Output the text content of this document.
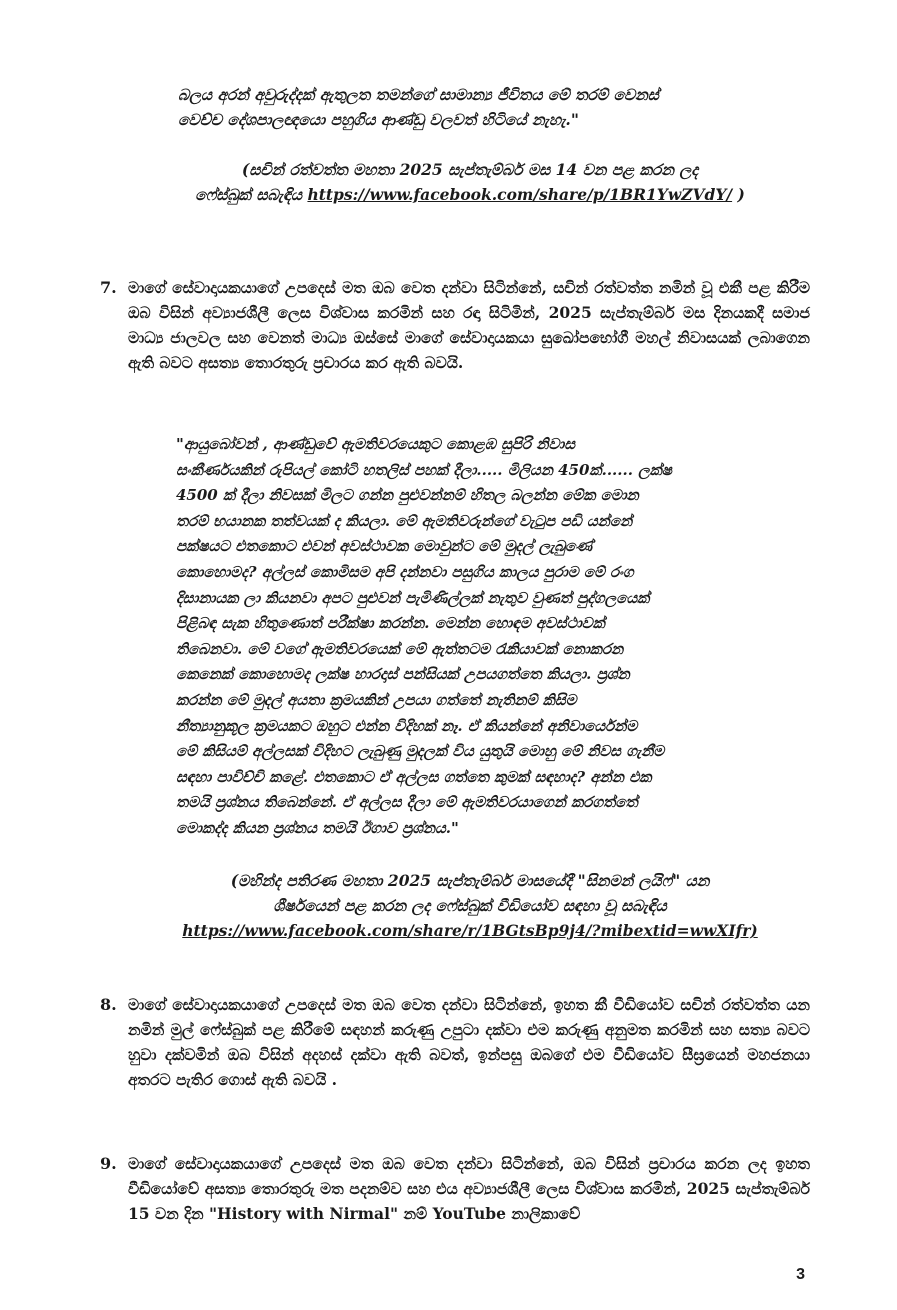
බලය අරන් අවුරුද්දක් ඇතුලත තමන්ගේ සාමාන්‍ය ජීවිතය මේ තරම් වෙනස්
වෙච්ච දේශපාලඥයො පහුගිය ආණ්ඩු වලවත් හිටියේ නැහැ."
(සචින් රත්වත්ත මහතා 2025 සැප්තැම්බර් මස 14 වන පළ කරන ලද
ෆේස්බුක් සබැඳිය https://www.facebook.com/share/p/1BR1YwZVdY/ )
7. මාගේ සේවාදායකයාගේ උපදෙස් මත ඔබ වෙත දන්වා සිටින්නේ, සචින් රත්වත්ත නමින් වූ එකී පළ කිරීම ඔබ විසින් අව්‍යාජශීලී ලෙස විශ්වාස කරමින් සහ රඳා සිටිමින්, 2025 සැප්තැම්බර් මස දිනයකදී සමාජ මාධ්‍ය ජාලවල සහ වෙනත් මාධ්‍ය ඔස්සේ මාගේ සේවාදායකයා සුඛෝපභෝගී මහල් නිවාසයක් ලබාගෙන ඇති බවට අසත්‍ය තොරතුරු ප්‍රචාරය කර ඇති බවයි.
"ආයුබෝවන් , ආණ්ඩුවේ ඇමතිවරයෙකුට කොළඹ සුපිරි නිවාස
සංකීර්ණයකින් රුපියල් කෝටි හතලිස් පහක් දීලා..... මිලියන 450ක්...... ලක්ෂ
4500 ක් දීලා නිවසක් මිලට ගන්න පුළුවන්නම් හිතල බලන්න මේක මොන
තරම් භයානක තත්වයක් ද කියලා. මේ ඇමතිවරුන්ගේ වැටුප පඩි යන්නේ
පක්ෂයට එතකොට එවන් අවස්ථාවක මොවුන්ට මේ මුදල් ලැබුණේ
කොහොමද? අල්ලස් කොමිසම අපි දන්නවා පසුගිය කාලය පුරාම මේ රංග
දිසානායක ලා කියනවා අපට පුළුවන් පැමිණිල්ලක් නැතුව වුණත් පුද්ගලයෙක්
පිළිබඳ සැක හිතුණොත් පරීක්ෂා කරන්න. මෙන්න හොඳම අවස්ථාවක්
තිබෙනවා. මේ වගේ ඇමතිවරයෙක් මේ ඇත්තටම රැකියාවක් නොකරන
කෙනෙක් කොහොමද ලක්ෂ හාරදාස් පන්සියක් උපයගත්තෙ කියලා. ප්‍රශ්න
කරන්න මේ මුදල් අයතා ක්‍රමයකින් උපයා ගත්තේ නැතිනම් කිසිම
නීත්‍යානුකූල ක්‍රමයකට ඔහුට එන්න විදිහක් නෑ. ඒ කියන්නේ අනිවාර්යෙන්ම
මේ කිසියම් අල්ලසක් විදිහට ලැබුණු මුදලක් විය යුතුයි මොහු මේ නිවස ගැනීම
සඳහා පාවිච්චි කළේ. එතකොට ඒ අල්ලස ගත්තෙ කුමක් සඳහාද? අන්න එක
තමයි ප්‍රශ්නය තිබෙන්නේ. ඒ අල්ලස දීලා මේ ඇමතිවරයාගෙන් කරගත්තේ
මොකද්ද කියන ප්‍රශ්නය තමයි ඊගාව ප්‍රශ්නය."
(මහින්ද පතිරණ මහතා 2025 සැප්තැම්බර් මාසයේදී "සිනමන් ලයිෆ්" යන
ශීර්ෂයෙන් පළ කරන ලද ෆේස්බුක් වීඩියෝව සඳහා වූ සබැඳිය
https://www.facebook.com/share/r/1BGtsBp9j4/?mibextid=wwXIfr)
8. මාගේ සේවාදායකයාගේ උපදෙස් මත ඔබ වෙත දන්වා සිටින්නේ, ඉහත කී වීඩියෝව සචින් රත්වත්ත යන නමින් මුල් ෆේස්බුක් පළ කිරීමේ සඳහන් කරුණු උපුටා දක්වා එම කරුණු අනුමත කරමින් සහ සත්‍ය බවට හුවා දක්වමින් ඔබ විසින් අදහස් දක්වා ඇති බවත්, ඉන්පසු ඔබගේ එම වීඩියෝව සීඝ්‍රයෙන් මහජනයා අතරට පැතිර ගොස් ඇති බවයි .
9. මාගේ සේවාදායකයාගේ උපදෙස් මත ඔබ වෙත දන්වා සිටින්නේ, ඔබ විසින් ප්‍රචාරය කරන ලද ඉහත වීඩියෝවේ අසත්‍ය තොරතුරු මත පදනම්ව සහ එය අව්‍යාජශීලී ලෙස විශ්වාස කරමින්, 2025 සැප්තැම්බර් 15 වන දින "History with Nirmal" නම් YouTube නාලිකාවේ
3
